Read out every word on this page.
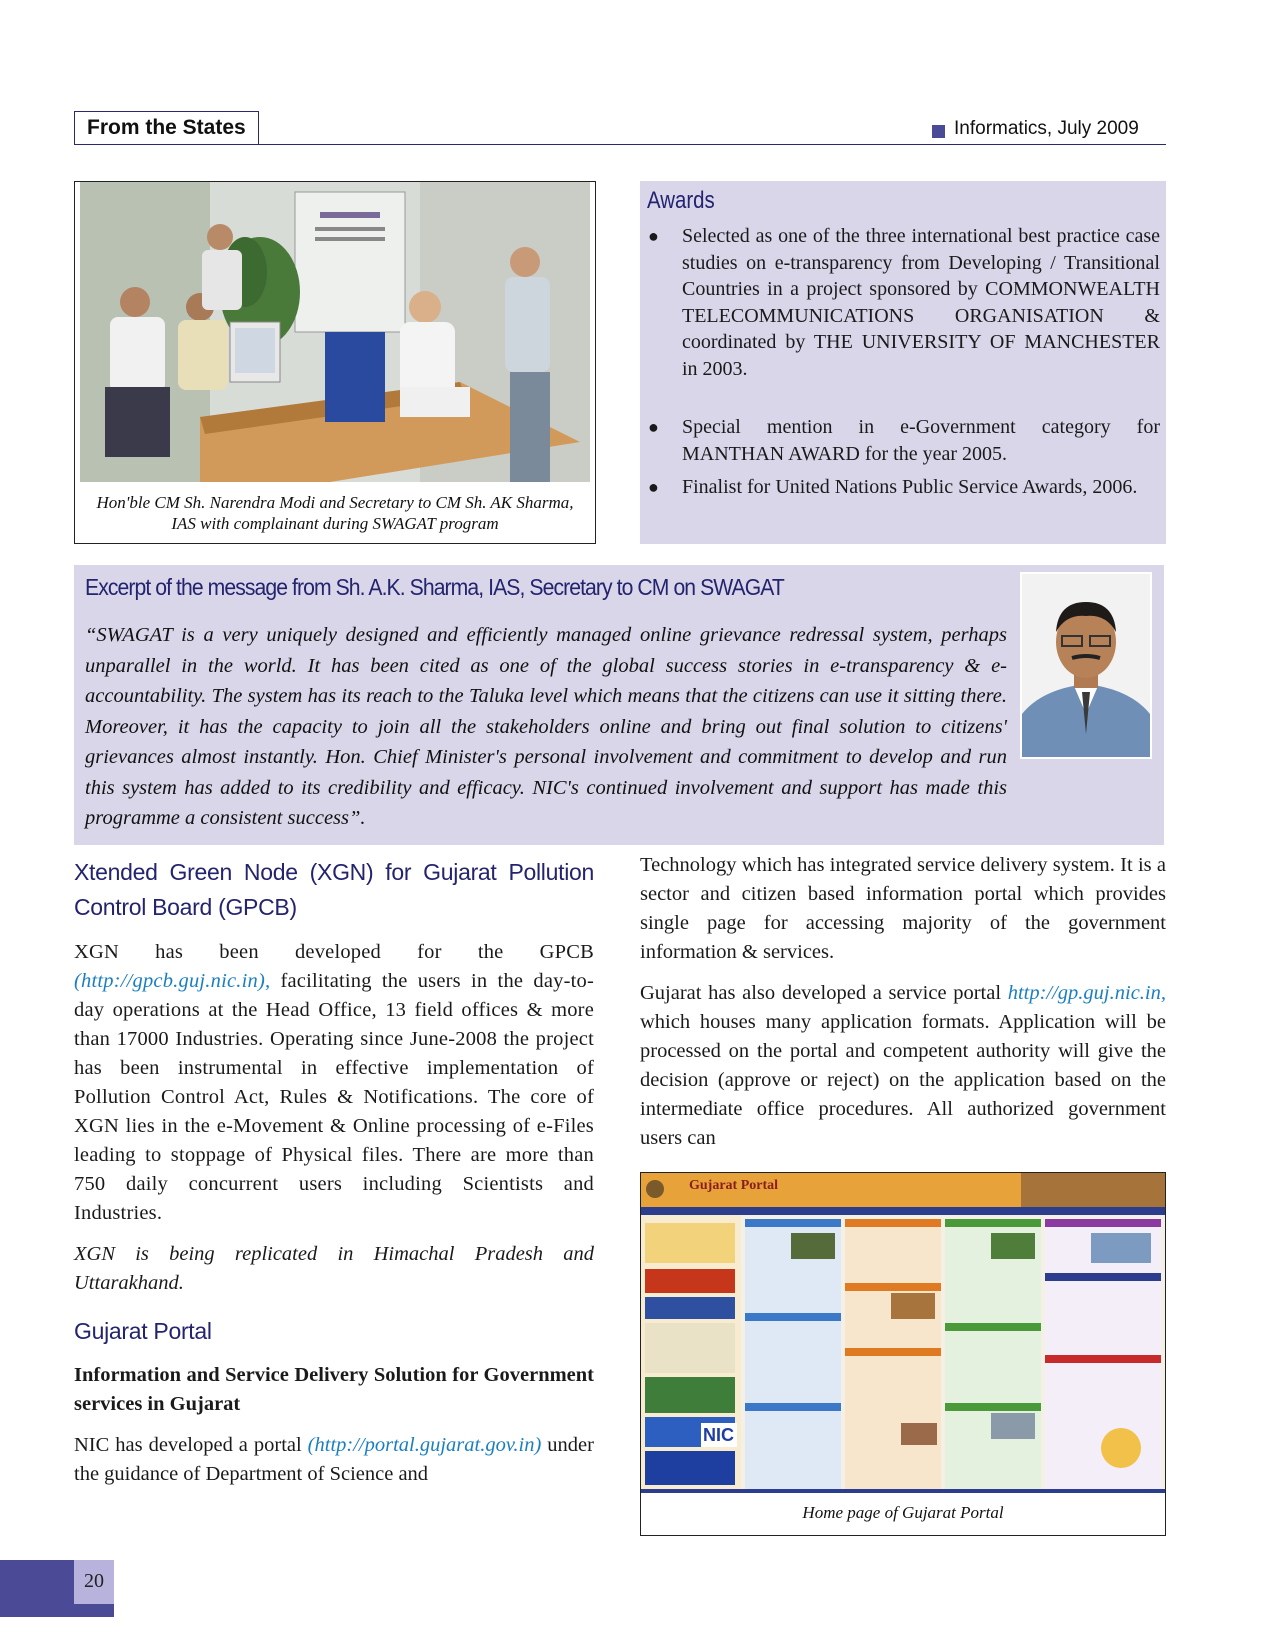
From the States	Informatics, July 2009
Hon'ble CM Sh. Narendra Modi and Secretary to CM Sh. AK Sharma, IAS with complainant during SWAGAT program
Awards
● Selected as one of the three international best practice case studies on e-transparency from Developing / Transitional Countries in a project sponsored by COMMONWEALTH TELECOMMUNICATIONS ORGANISATION & coordinated by THE UNIVERSITY OF MANCHESTER in 2003.
● Special mention in e-Government category for MANTHAN AWARD for the year 2005.
● Finalist for United Nations Public Service Awards, 2006.
Excerpt of the message from Sh. A.K. Sharma, IAS, Secretary to CM on SWAGAT
“SWAGAT is a very uniquely designed and efficiently managed online grievance redressal system, perhaps unparallel in the world. It has been cited as one of the global success stories in e-transparency & e-accountability. The system has its reach to the Taluka level which means that the citizens can use it sitting there. Moreover, it has the capacity to join all the stakeholders online and bring out final solution to citizens' grievances almost instantly. Hon. Chief Minister's personal involvement and commitment to develop and run this system has added to its credibility and efficacy. NIC's continued involvement and support has made this programme a consistent success”.
Xtended Green Node (XGN) for Gujarat Pollution Control Board (GPCB)

XGN has been developed for the GPCB (http://gpcb.guj.nic.in), facilitating the users in the day-to-day operations at the Head Office, 13 field offices & more than 17000 Industries. Operating since June-2008 the project has been instrumental in effective implementation of Pollution Control Act, Rules & Notifications. The core of XGN lies in the e-Movement & Online processing of e-Files leading to stoppage of Physical files. There are more than 750 daily concurrent users including Scientists and Industries.

XGN is being replicated in Himachal Pradesh and Uttarakhand.

Gujarat Portal

Information and Service Delivery Solution for Government services in Gujarat

NIC has developed a portal (http://portal.gujarat.gov.in) under the guidance of Department of Science and

Technology which has integrated service delivery system. It is a sector and citizen based information portal which provides single page for accessing majority of the government information & services.

Gujarat has also developed a service portal http://gp.guj.nic.in, which houses many application formats. Application will be processed on the portal and competent authority will give the decision (approve or reject) on the application based on the intermediate office procedures. All authorized government users can

Gujarat Portal
NIC
Home page of Gujarat Portal
20
